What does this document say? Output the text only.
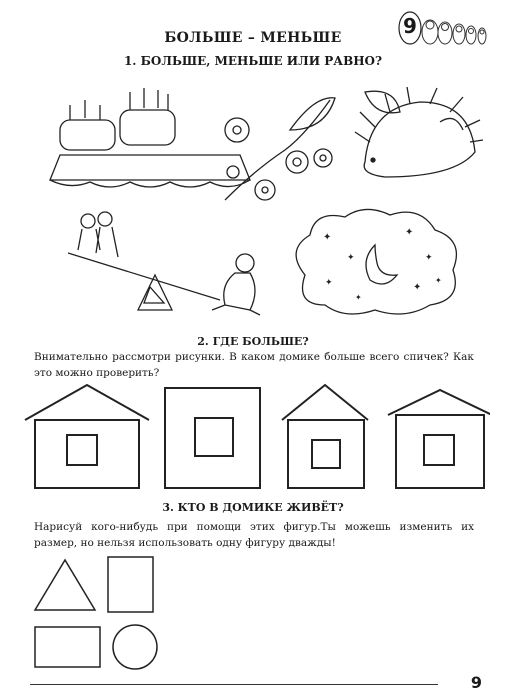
9
БОЛЬШЕ – МЕНЬШЕ
1. БОЛЬШЕ, МЕНЬШЕ ИЛИ РАВНО?
✦
✦
✦
✦
✦	✦
✦
✦
2. ГДЕ БОЛЬШЕ?
Внимательно рассмотри рисунки. В каком домике больше всего спичек? Как это можно проверить?
3. КТО В ДОМИКЕ ЖИВЁТ?
Нарисуй кого-нибудь при помощи этих фигур.Ты можешь изменить их размер, но нельзя использовать одну фигуру дважды!
9
